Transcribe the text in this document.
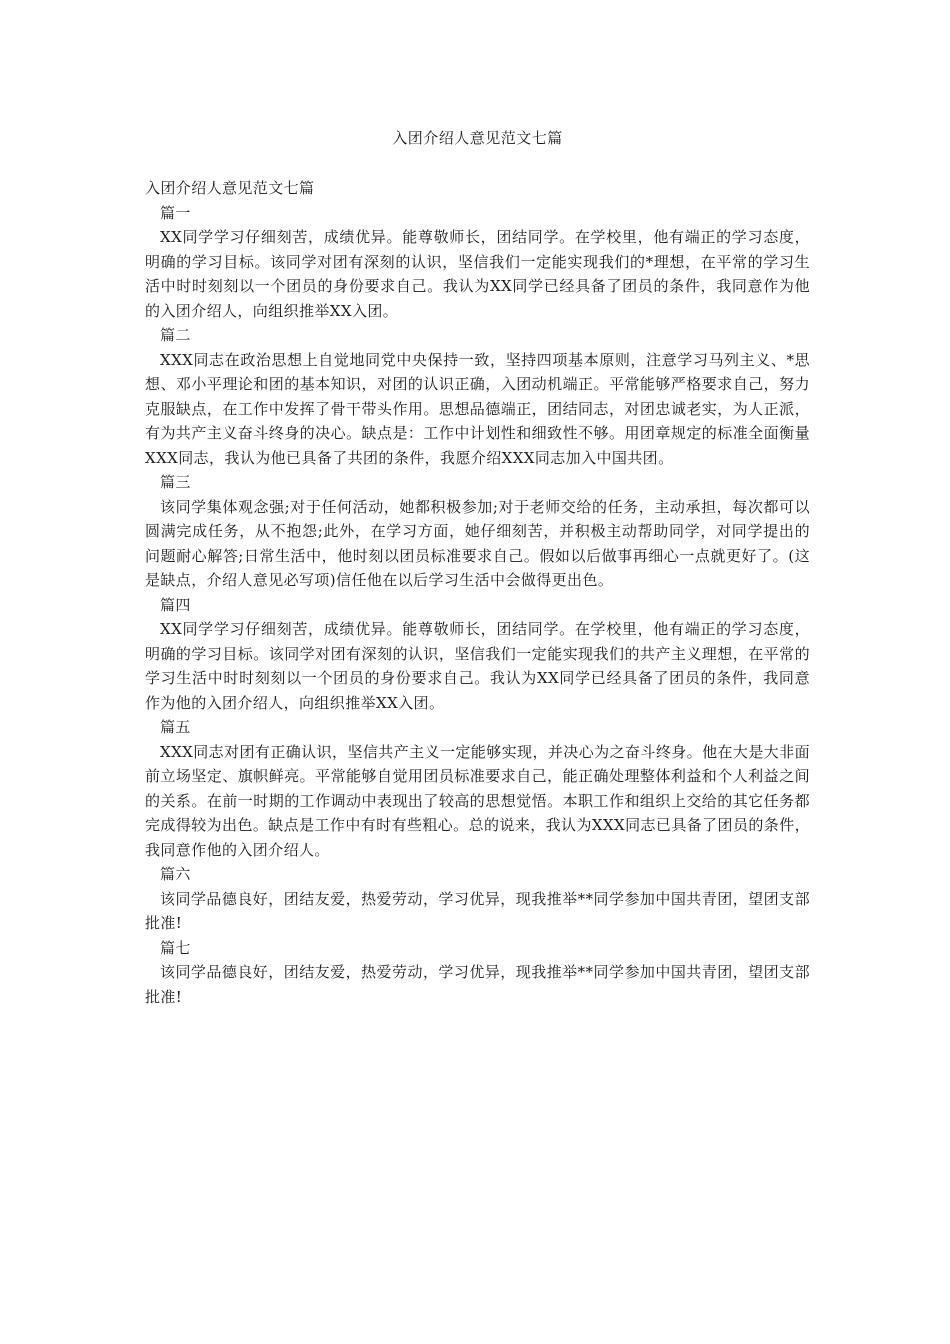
入团介绍人意见范文七篇
入团介绍人意见范文七篇
篇一

XX同学学习仔细刻苦，成绩优异。能尊敬师长，团结同学。在学校里，他有端正的学习态度，明确的学习目标。该同学对团有深刻的认识，坚信我们一定能实现我们的*理想，在平常的学习生活中时时刻刻以一个团员的身份要求自己。我认为XX同学已经具备了团员的条件，我同意作为他的入团介绍人，向组织推举XX入团。

篇二

XXX同志在政治思想上自觉地同党中央保持一致，坚持四项基本原则，注意学习马列主义、*思想、邓小平理论和团的基本知识，对团的认识正确，入团动机端正。平常能够严格要求自己，努力克服缺点，在工作中发挥了骨干带头作用。思想品德端正，团结同志，对团忠诚老实，为人正派，有为共产主义奋斗终身的决心。缺点是：工作中计划性和细致性不够。用团章规定的标准全面衡量XXX同志，我认为他已具备了共团的条件，我愿介绍XXX同志加入中国共团。

篇三

该同学集体观念强;对于任何活动，她都积极参加;对于老师交给的任务，主动承担，每次都可以圆满完成任务，从不抱怨;此外，在学习方面，她仔细刻苦，并积极主动帮助同学，对同学提出的问题耐心解答;日常生活中，他时刻以团员标准要求自己。假如以后做事再细心一点就更好了。(这是缺点，介绍人意见必写项)信任他在以后学习生活中会做得更出色。

篇四

XX同学学习仔细刻苦，成绩优异。能尊敬师长，团结同学。在学校里，他有端正的学习态度，明确的学习目标。该同学对团有深刻的认识，坚信我们一定能实现我们的共产主义理想，在平常的学习生活中时时刻刻以一个团员的身份要求自己。我认为XX同学已经具备了团员的条件，我同意作为他的入团介绍人，向组织推举XX入团。

篇五

XXX同志对团有正确认识，坚信共产主义一定能够实现，并决心为之奋斗终身。他在大是大非面前立场坚定、旗帜鲜亮。平常能够自觉用团员标准要求自己，能正确处理整体利益和个人利益之间的关系。在前一时期的工作调动中表现出了较高的思想觉悟。本职工作和组织上交给的其它任务都完成得较为出色。缺点是工作中有时有些粗心。总的说来，我认为XXX同志已具备了团员的条件，我同意作他的入团介绍人。

篇六

该同学品德良好，团结友爱，热爱劳动，学习优异，现我推举**同学参加中国共青团，望团支部批准!

篇七

该同学品德良好，团结友爱，热爱劳动，学习优异，现我推举**同学参加中国共青团，望团支部批准!
